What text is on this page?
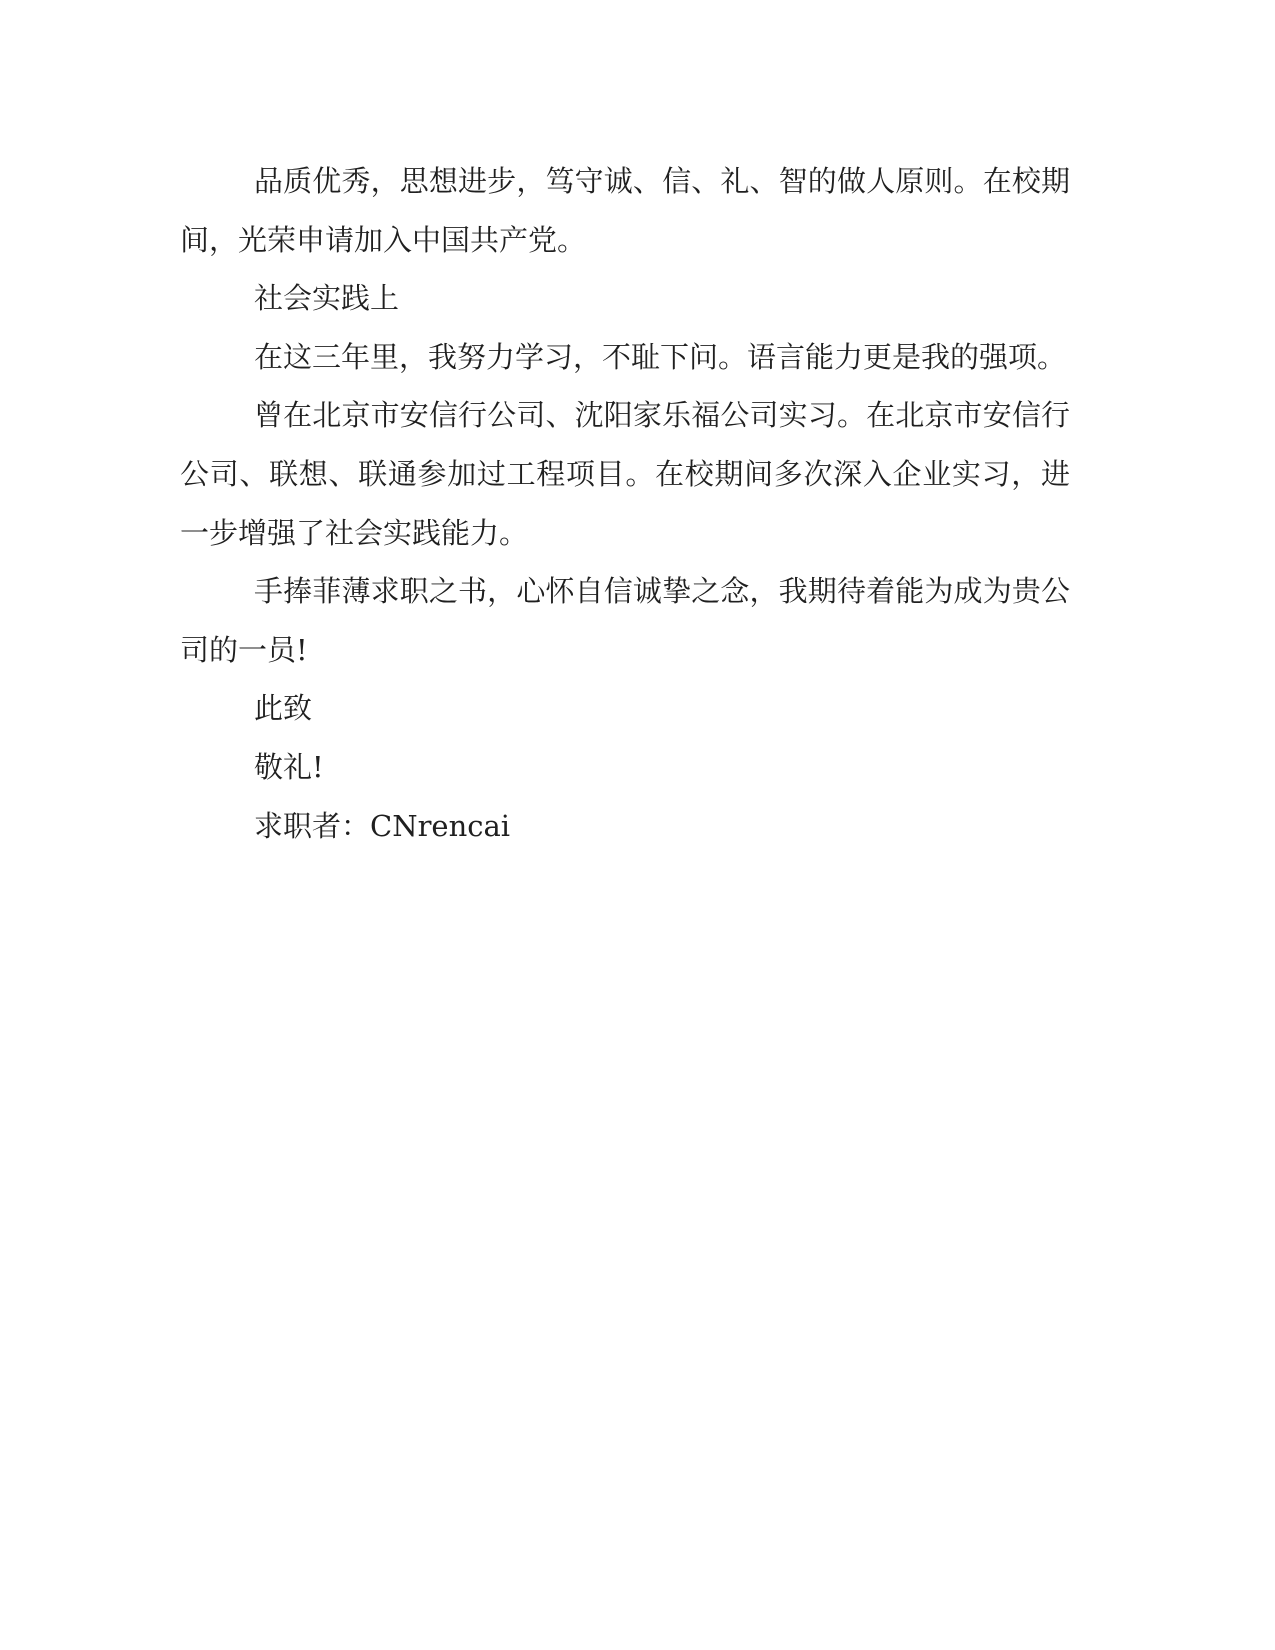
品质优秀，思想进步，笃守诚、信、礼、智的做人原则。在校期间，光荣申请加入中国共产党。

社会实践上

在这三年里，我努力学习，不耻下问。语言能力更是我的强项。

曾在北京市安信行公司、沈阳家乐福公司实习。在北京市安信行公司、联想、联通参加过工程项目。在校期间多次深入企业实习，进一步增强了社会实践能力。

手捧菲薄求职之书，心怀自信诚挚之念，我期待着能为成为贵公司的一员!

此致

敬礼!

求职者：CNrencai
